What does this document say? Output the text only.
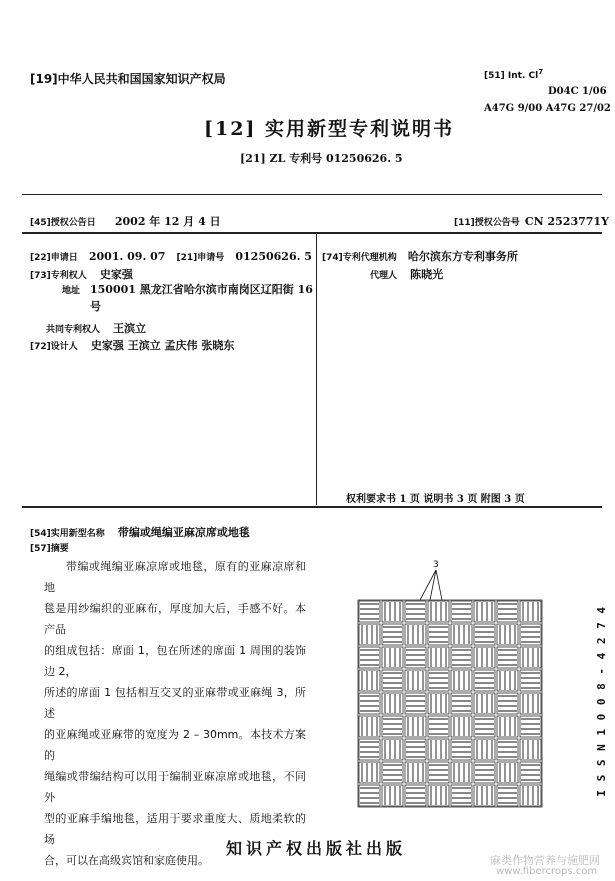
[19]中华人民共和国国家知识产权局	[51] Int. Cl$^7$
D04C 1/06
A47G 9/00 A47G 27/02
[12] 实用新型专利说明书
[21] ZL 专利号 01250626. 5
[45]授权公告日 2002 年 12 月 4 日	[11]授权公告号 CN 2523771Y
[22]申请日 2001. 09. 07 [21]申请号 01250626. 5
[73]专利权人 史家强
地址 150001 黑龙江省哈尔滨市南岗区辽阳街 16
号
共同专利权人 王滨立
[72]设计人 史家强 王滨立 孟庆伟 张晓东
[74]专利代理机构 哈尔滨东方专利事务所
代理人 陈晓光
权利要求书 1 页 说明书 3 页 附图 3 页
[54]实用新型名称 带编或绳编亚麻凉席或地毯
[57]摘要

带编或绳编亚麻凉席或地毯，原有的亚麻凉席和地

毯是用纱编织的亚麻布，厚度加大后，手感不好。本产品

的组成包括：席面 1，包在所述的席面 1 周围的装饰边 2，

所述的席面 1 包括相互交叉的亚麻带或亚麻绳 3，所述

的亚麻绳或亚麻带的宽度为 2 – 30mm。本技术方案的

绳编或带编结构可以用于编制亚麻凉席或地毯，不同外

型的亚麻手编地毯，适用于要求重度大、质地柔软的场

合，可以在高级宾馆和家庭使用。

3
I S S N 1 0 0 8 - 4 2 7 4
知识产权出版社出版
麻类作物营养与施肥网
www.fibercrops.com
